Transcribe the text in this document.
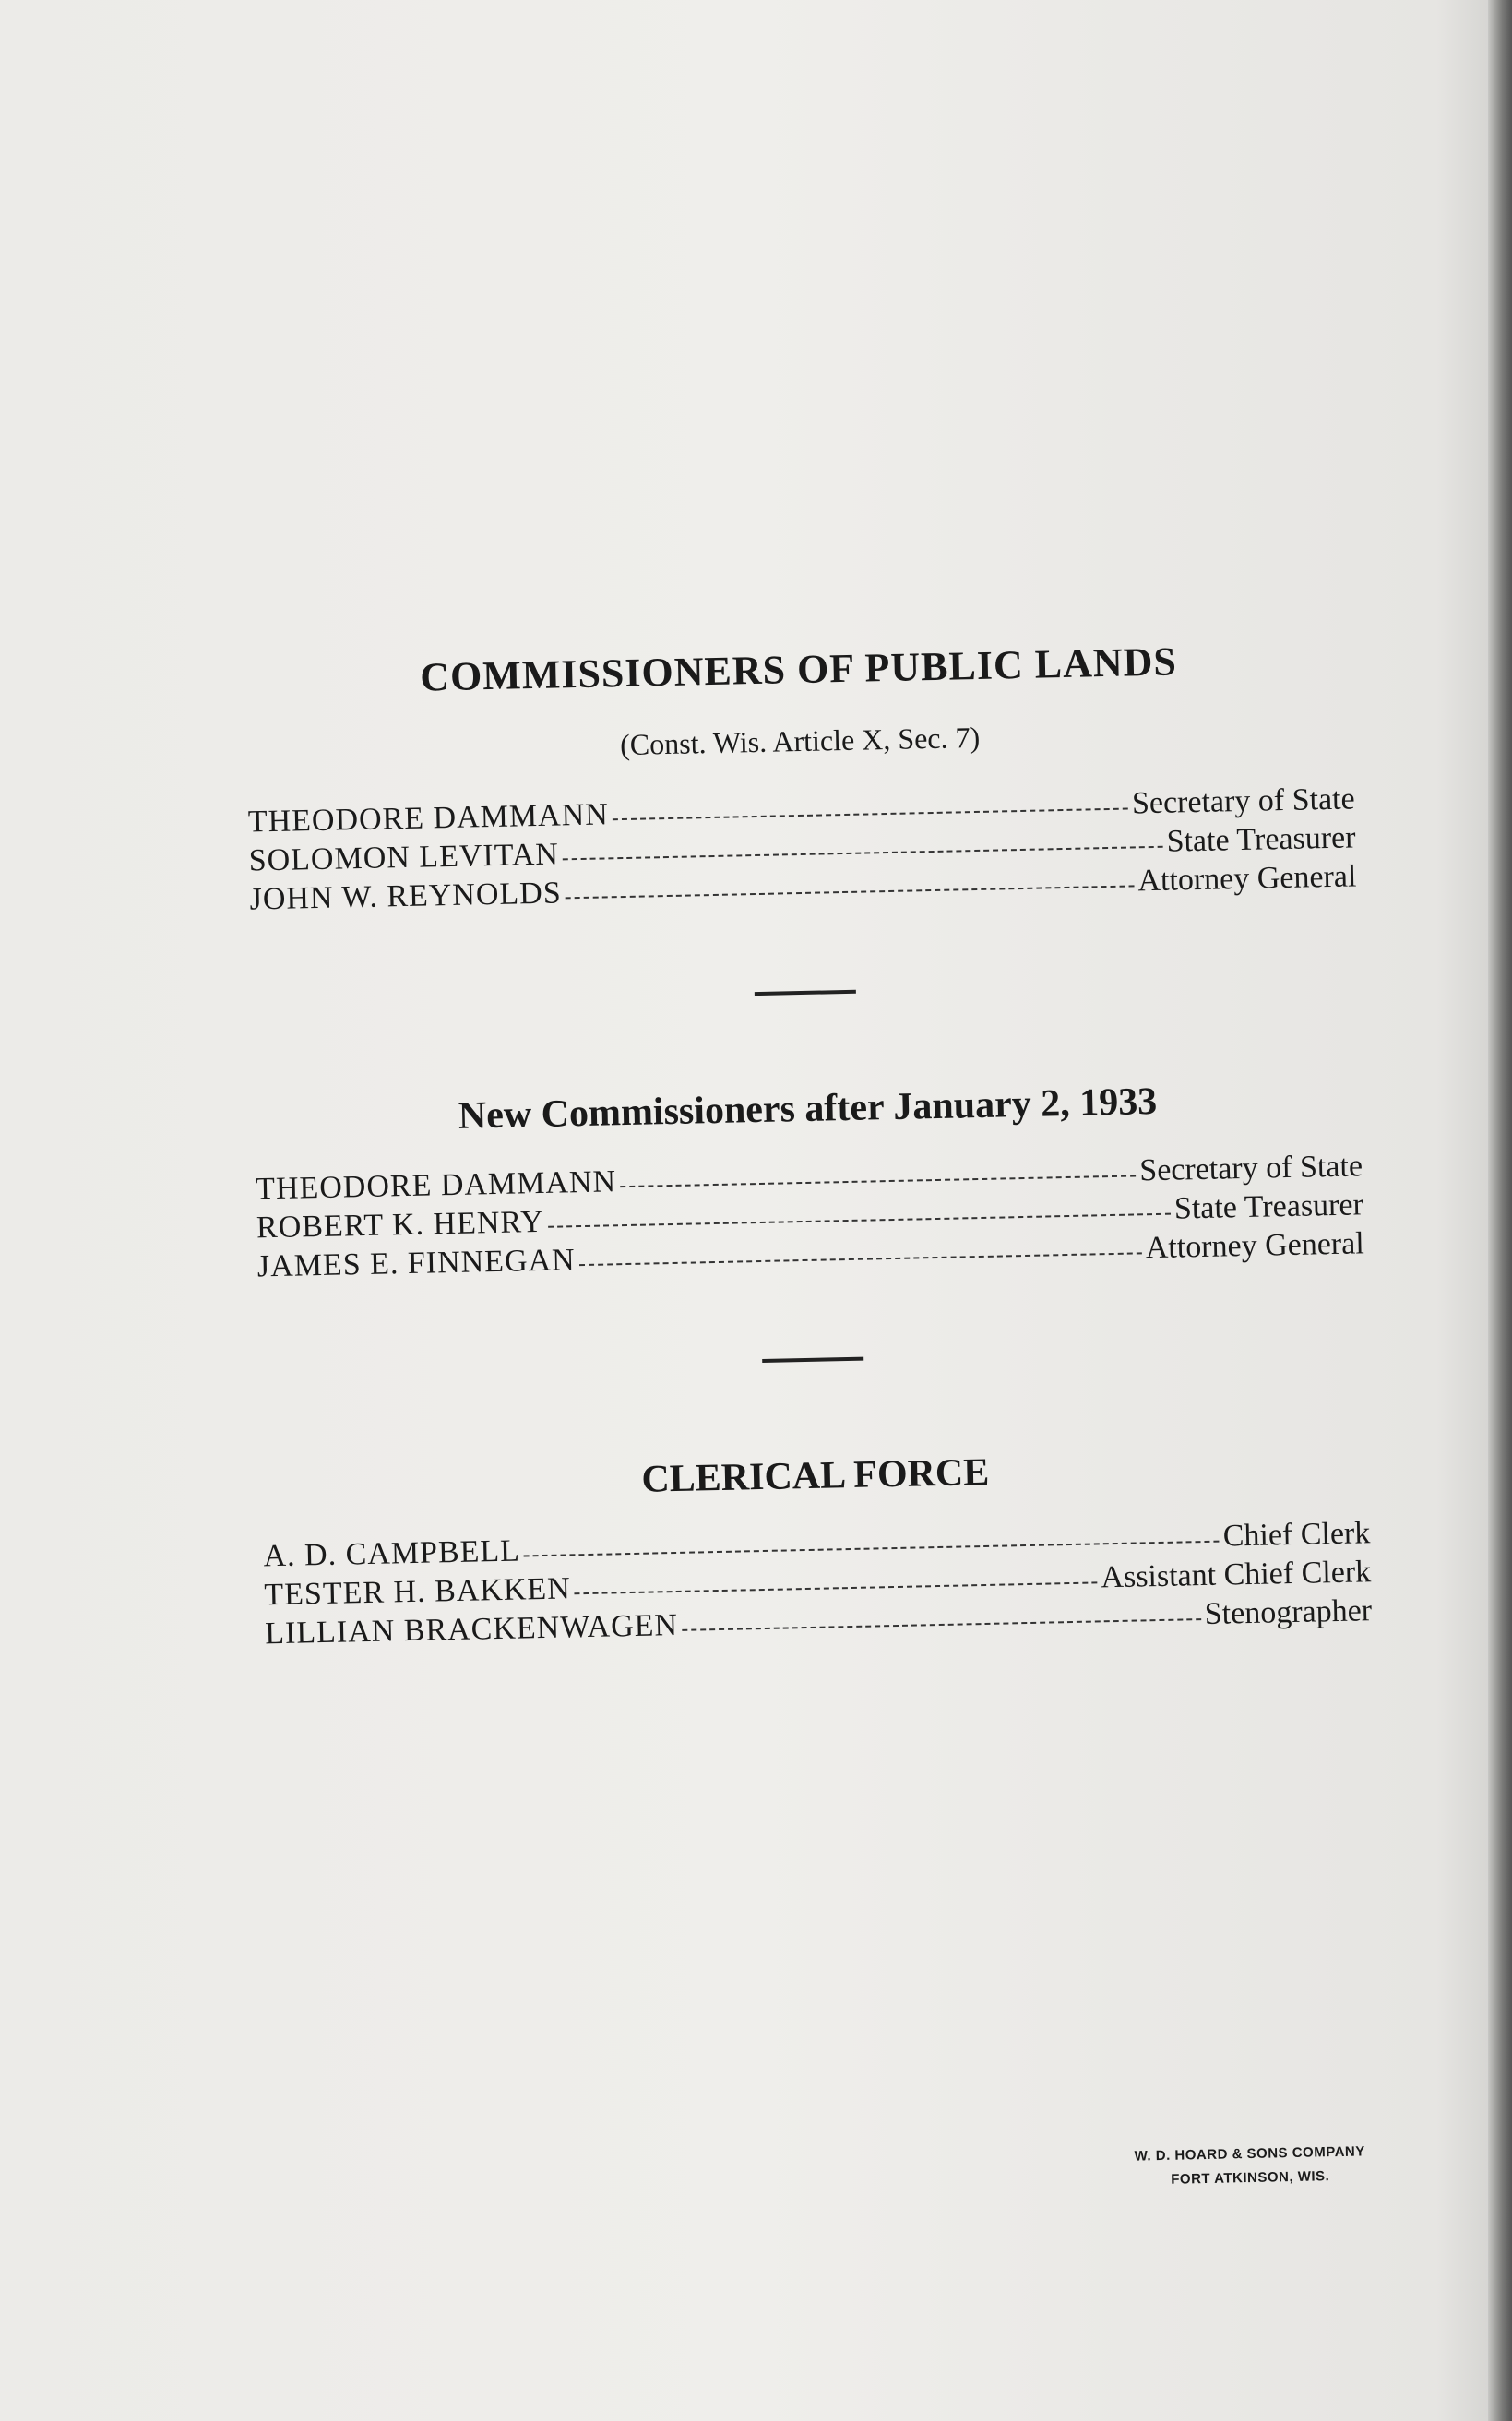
COMMISSIONERS OF PUBLIC LANDS
(Const. Wis. Article X, Sec. 7)
THEODORE DAMMANN	Secretary of State
SOLOMON LEVITAN	State Treasurer
JOHN W. REYNOLDS	Attorney General
New Commissioners after January 2, 1933
THEODORE DAMMANN	Secretary of State
ROBERT K. HENRY	State Treasurer
JAMES E. FINNEGAN	Attorney General
CLERICAL FORCE
A. D. CAMPBELL	Chief Clerk
TESTER H. BAKKEN	Assistant Chief Clerk
LILLIAN BRACKENWAGEN	Stenographer
W. D. HOARD & SONS COMPANY
FORT ATKINSON, WIS.
